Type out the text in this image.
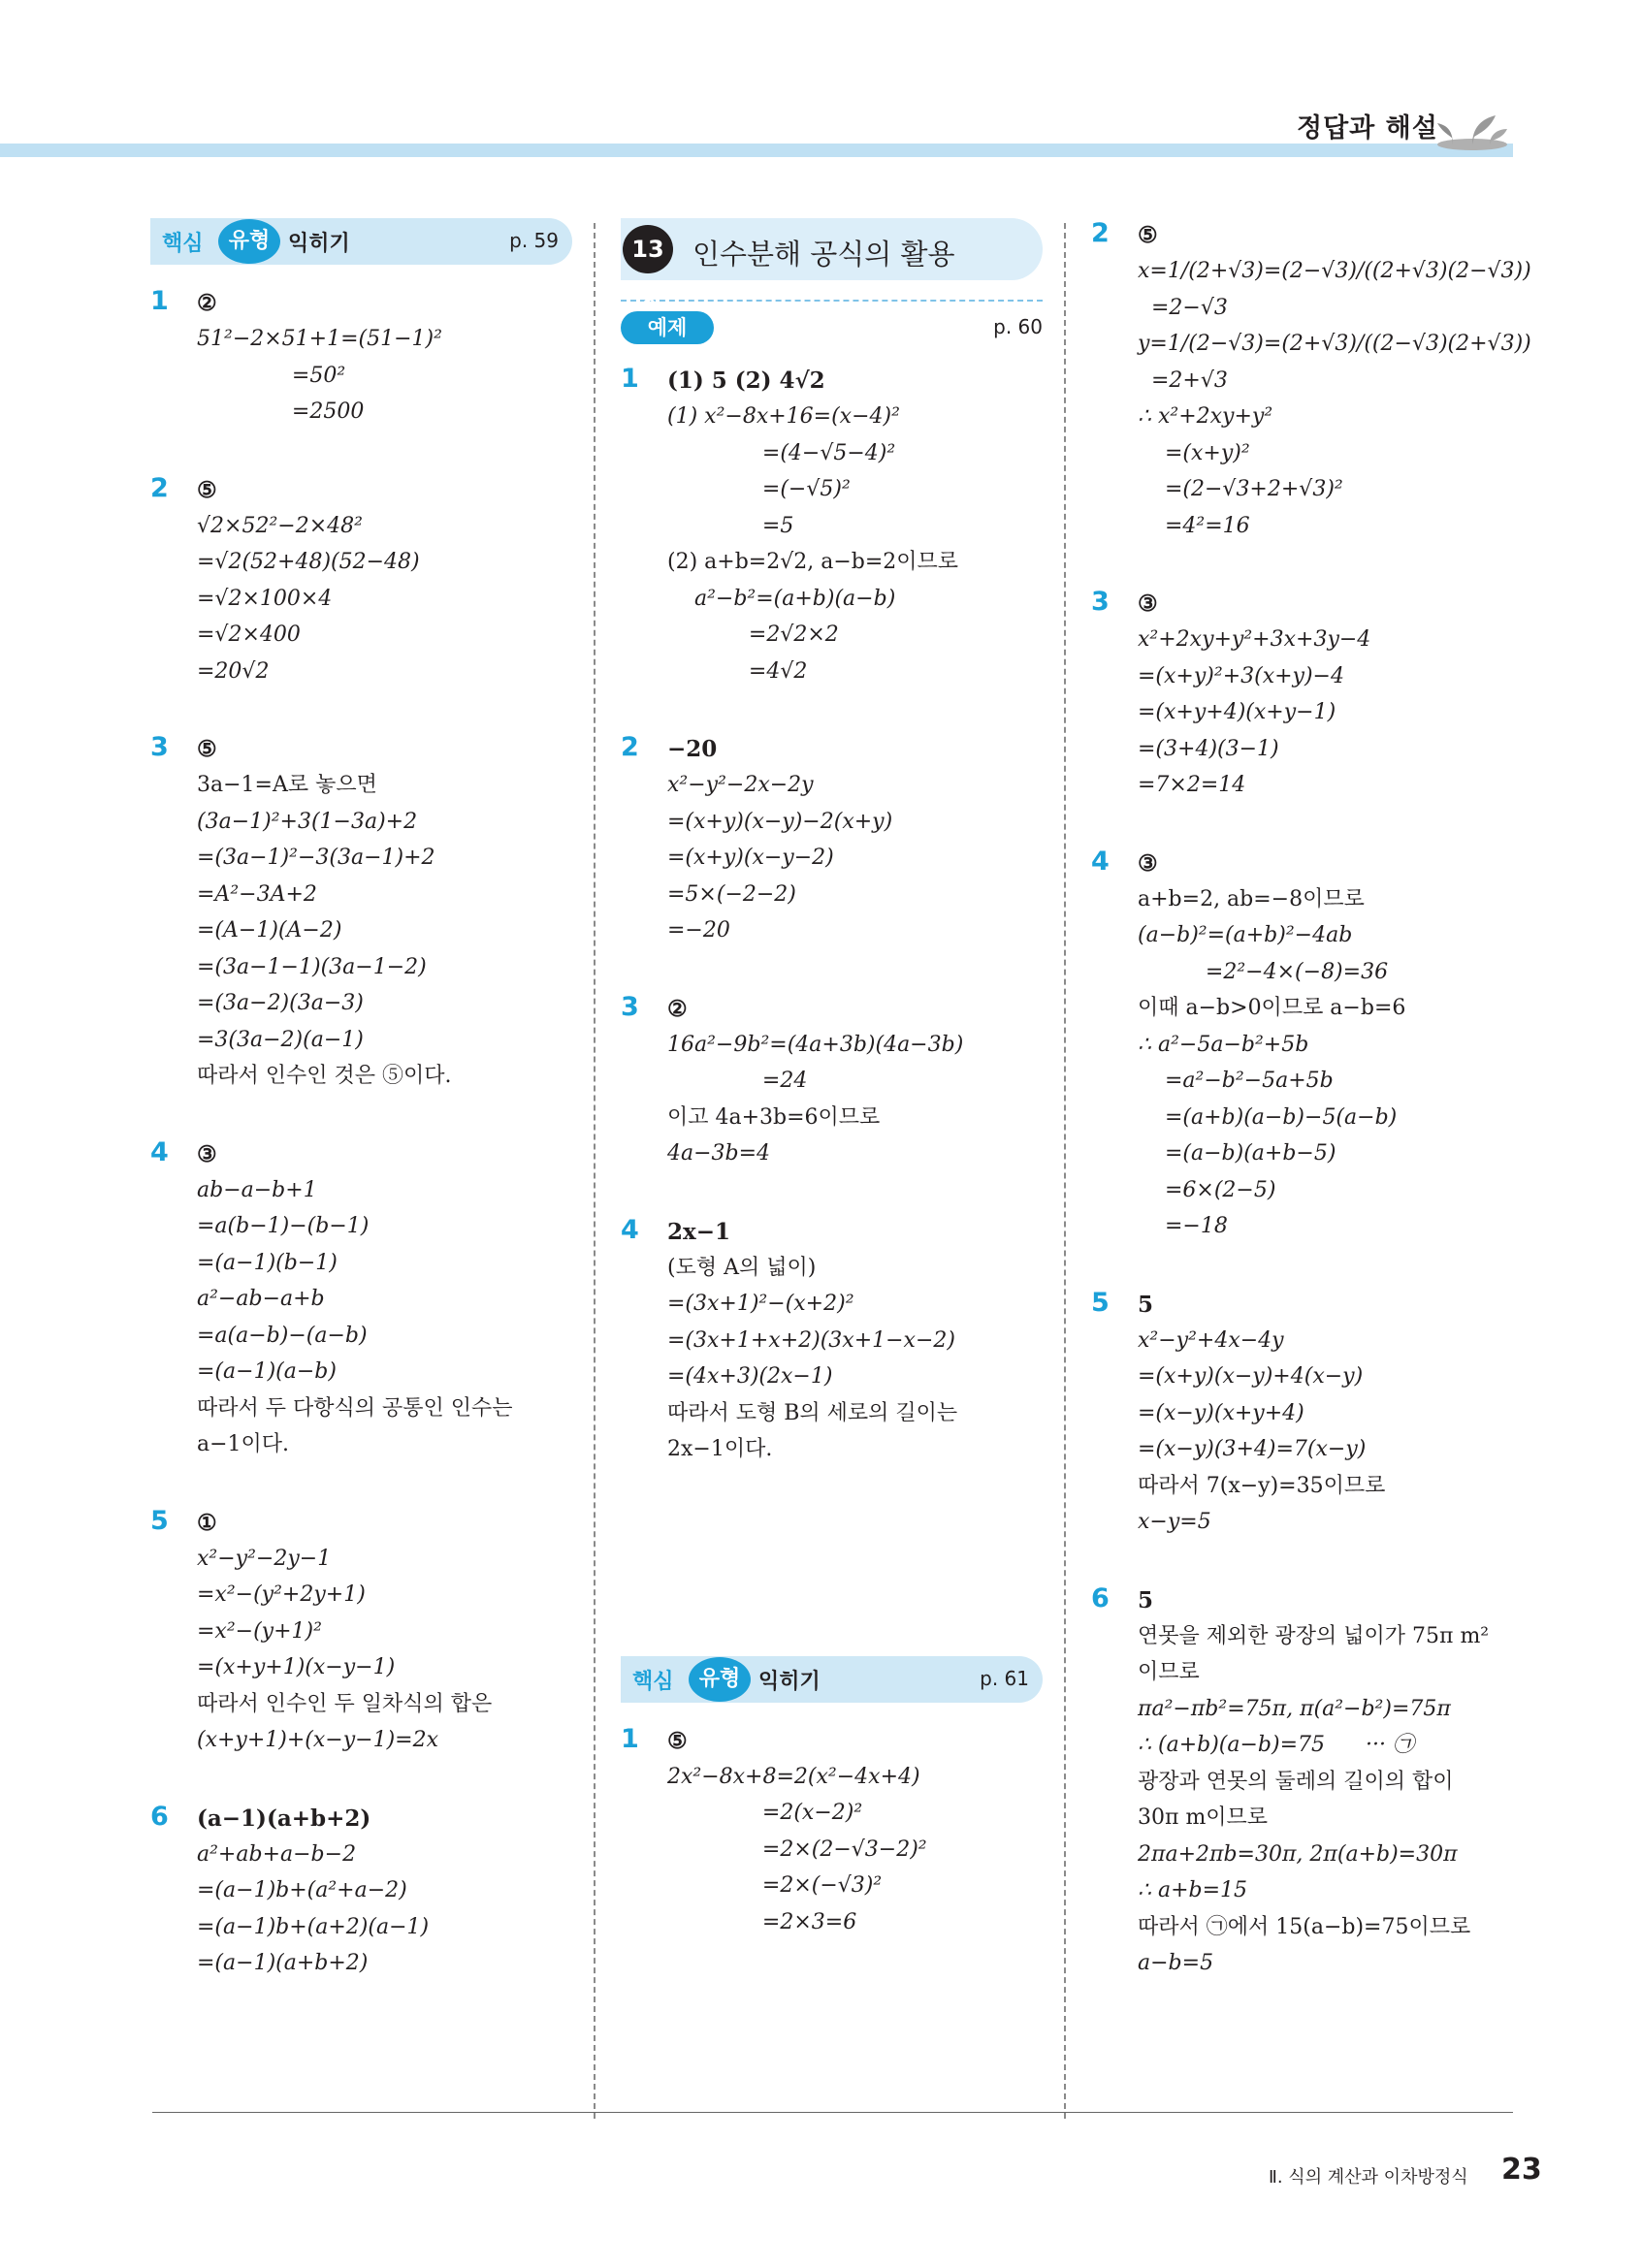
정답과 해설
핵심	유형 익히기	p. 59
1 ②
51²−2×51+1=(51−1)²
=50²
=2500
2 ⑤
√2×52²−2×48²
=√2(52+48)(52−48)
=√2×100×4
=√2×400
=20√2
3 ⑤
3a−1=A로 놓으면
(3a−1)²+3(1−3a)+2
=(3a−1)²−3(3a−1)+2
=A²−3A+2
=(A−1)(A−2)
=(3a−1−1)(3a−1−2)
=(3a−2)(3a−3)
=3(3a−2)(a−1)
따라서 인수인 것은 ⑤이다.
4 ③
ab−a−b+1
=a(b−1)−(b−1)
=(a−1)(b−1)
a²−ab−a+b
=a(a−b)−(a−b)
=(a−1)(a−b)
따라서 두 다항식의 공통인 인수는
a−1이다.
5 ①
x²−y²−2y−1
=x²−(y²+2y+1)
=x²−(y+1)²
=(x+y+1)(x−y−1)
따라서 인수인 두 일차식의 합은
(x+y+1)+(x−y−1)=2x
6 (a−1)(a+b+2)
a²+ab+a−b−2
=(a−1)b+(a²+a−2)
=(a−1)b+(a+2)(a−1)
=(a−1)(a+b+2)
13강
인수분해 공식의 활용
예제	p. 60
1 (1) 5 (2) 4√2
(1) x²−8x+16=(x−4)²
=(4−√5−4)²
=(−√5)²
=5
(2) a+b=2√2, a−b=2이므로
a²−b²=(a+b)(a−b)
=2√2×2
=4√2
2 −20
x²−y²−2x−2y
=(x+y)(x−y)−2(x+y)
=(x+y)(x−y−2)
=5×(−2−2)
=−20
3 ②
16a²−9b²=(4a+3b)(4a−3b)
=24
이고 4a+3b=6이므로
4a−3b=4
4 2x−1
(도형 A의 넓이)
=(3x+1)²−(x+2)²
=(3x+1+x+2)(3x+1−x−2)
=(4x+3)(2x−1)
따라서 도형 B의 세로의 길이는
2x−1이다.
핵심	유형 익히기	p. 61
1 ⑤
2x²−8x+8=2(x²−4x+4)
=2(x−2)²
=2×(2−√3−2)²
=2×(−√3)²
=2×3=6
2 ⑤
x=1/(2+√3)=(2−√3)/((2+√3)(2−√3))
=2−√3
y=1/(2−√3)=(2+√3)/((2−√3)(2+√3))
=2+√3
∴ x²+2xy+y²
=(x+y)²
=(2−√3+2+√3)²
=4²=16
3 ③
x²+2xy+y²+3x+3y−4
=(x+y)²+3(x+y)−4
=(x+y+4)(x+y−1)
=(3+4)(3−1)
=7×2=14
4 ③
a+b=2, ab=−8이므로
(a−b)²=(a+b)²−4ab
=2²−4×(−8)=36
이때 a−b>0이므로 a−b=6
∴ a²−5a−b²+5b
=a²−b²−5a+5b
=(a+b)(a−b)−5(a−b)
=(a−b)(a+b−5)
=6×(2−5)
=−18
5 5
x²−y²+4x−4y
=(x+y)(x−y)+4(x−y)
=(x−y)(x+y+4)
=(x−y)(3+4)=7(x−y)
따라서 7(x−y)=35이므로
x−y=5
6 5
연못을 제외한 광장의 넓이가 75π m²
이므로
πa²−πb²=75π, π(a²−b²)=75π
∴ (a+b)(a−b)=75      ··· ㉠
광장과 연못의 둘레의 길이의 합이
30π m이므로
2πa+2πb=30π, 2π(a+b)=30π
∴ a+b=15
따라서 ㉠에서 15(a−b)=75이므로
a−b=5
Ⅱ. 식의 계산과 이차방정식 23
